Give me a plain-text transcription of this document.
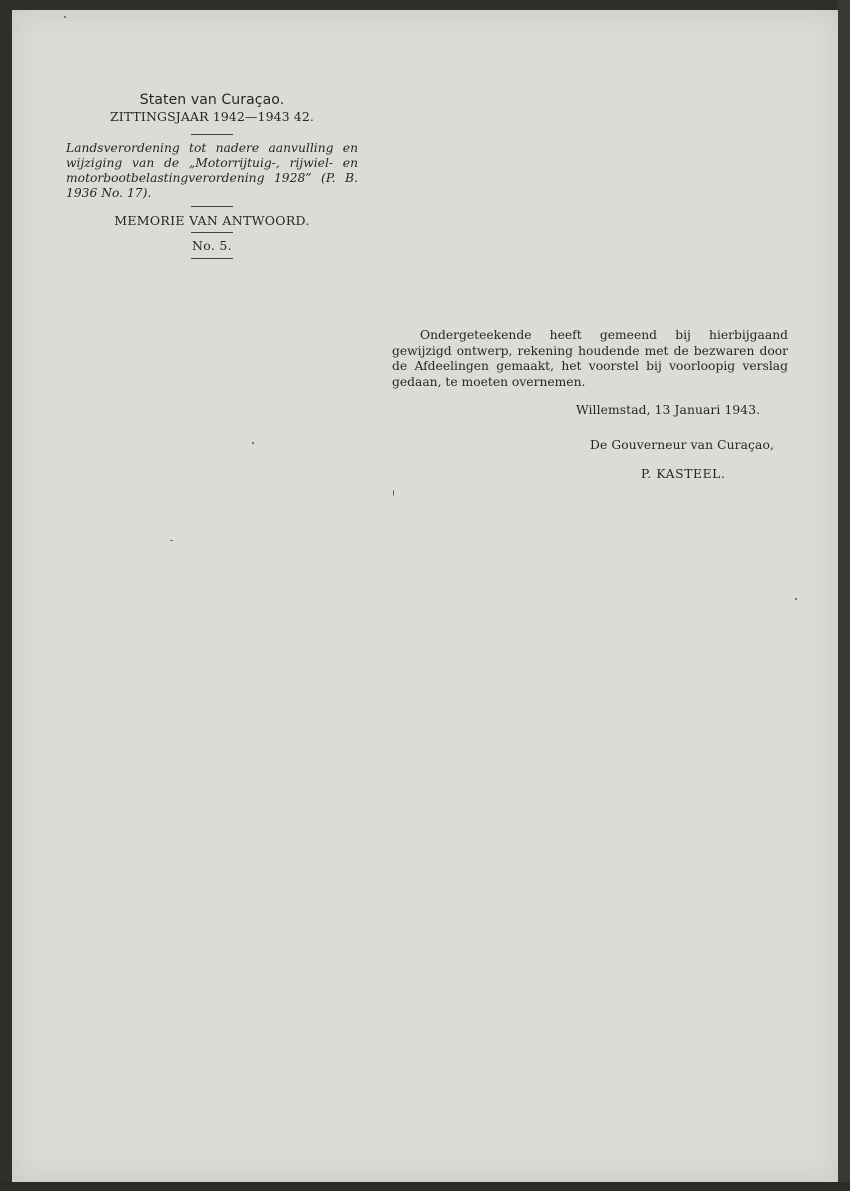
Staten van Curaçao.
ZITTINGSJAAR 1942—1943 42.
Landsverordening tot nadere aanvulling en wijziging van de „Motorrijtuig-, rijwiel- en motorbootbelastingverordening 1928” (P. B. 1936 No. 17).
MEMORIE VAN ANTWOORD.
No. 5.

Ondergeteekende heeft gemeend bij hierbijgaand gewijzigd ontwerp, rekening houdende met de bezwaren door de Afdeelingen gemaakt, het voorstel bij voorloopig verslag gedaan, te moeten overnemen.

Willemstad, 13 Januari 1943.
De Gouverneur van Curaçao,
P. KASTEEL.
